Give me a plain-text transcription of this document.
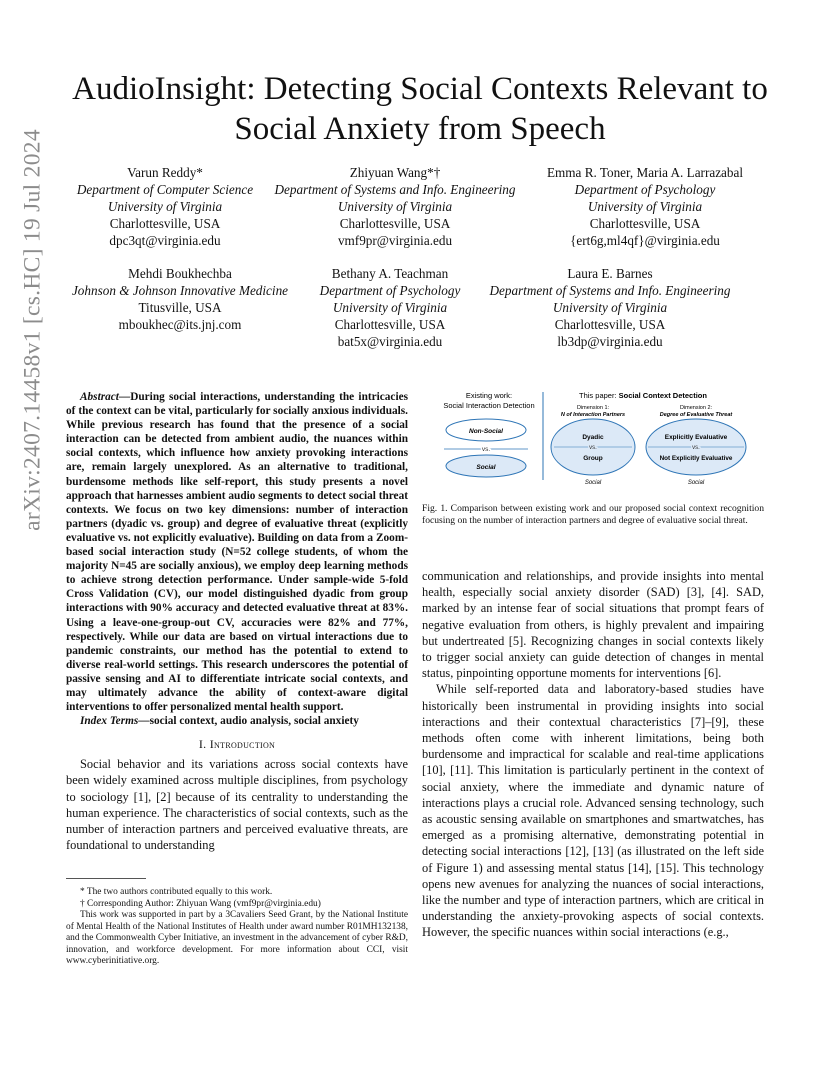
arXiv:2407.14458v1 [cs.HC] 19 Jul 2024
AudioInsight: Detecting Social Contexts Relevant to Social Anxiety from Speech
Varun Reddy*
Department of Computer Science
University of Virginia
Charlottesville, USA
dpc3qt@virginia.edu
Zhiyuan Wang*†
Department of Systems and Info. Engineering
University of Virginia
Charlottesville, USA
vmf9pr@virginia.edu
Emma R. Toner, Maria A. Larrazabal
Department of Psychology
University of Virginia
Charlottesville, USA
{ert6g,ml4qf}@virginia.edu
Mehdi Boukhechba
Johnson & Johnson Innovative Medicine
Titusville, USA
mboukhec@its.jnj.com
Bethany A. Teachman
Department of Psychology
University of Virginia
Charlottesville, USA
bat5x@virginia.edu
Laura E. Barnes
Department of Systems and Info. Engineering
University of Virginia
Charlottesville, USA
lb3dp@virginia.edu

Abstract—During social interactions, understanding the intricacies of the context can be vital, particularly for socially anxious individuals. While previous research has found that the presence of a social interaction can be detected from ambient audio, the nuances within social contexts, which influence how anxiety provoking interactions are, remain largely unexplored. As an alternative to traditional, burdensome methods like self-report, this study presents a novel approach that harnesses ambient audio segments to detect social threat contexts. We focus on two key dimensions: number of interaction partners (dyadic vs. group) and degree of evaluative threat (explicitly evaluative vs. not explicitly evaluative). Building on data from a Zoom-based social interaction study (N=52 college students, of whom the majority N=45 are socially anxious), we employ deep learning methods to achieve strong detection performance. Under sample-wide 5-fold Cross Validation (CV), our model distinguished dyadic from group interactions with 90% accuracy and detected evaluative threat at 83%. Using a leave-one-group-out CV, accuracies were 82% and 77%, respectively. While our data are based on virtual interactions due to pandemic constraints, our method has the potential to extend to diverse real-world settings. This research underscores the potential of passive sensing and AI to differentiate intricate social contexts, and may ultimately advance the ability of context-aware digital interventions to offer personalized mental health support.

Index Terms—social context, audio analysis, social anxiety

I. Introduction

Social behavior and its variations across social contexts have been widely examined across multiple disciplines, from psychology to sociology [1], [2] because of its centrality to understanding the human experience. The characteristics of social contexts, such as the number of interaction partners and perceived evaluative threats, are foundational to understanding

* The two authors contributed equally to this work.

† Corresponding Author: Zhiyuan Wang (vmf9pr@virginia.edu)

This work was supported in part by a 3Cavaliers Seed Grant, by the National Institute of Mental Health of the National Institutes of Health under award number R01MH132138, and the Commonwealth Cyber Initiative, an investment in the advancement of cyber R&D, innovation, and workforce development. For more information about CCI, visit www.cyberinitiative.org.

Existing work:
Social Interaction Detection
Non-Social
vs.
Social
This paper: Social Context Detection
Dimension 1:
N of Interaction Partners
Dyadic
vs.
Group
Social
Dimension 2:
Degree of Evaluative Threat
Explicitly Evaluative
vs.
Not Explicitly Evaluative
Social
Fig. 1. Comparison between existing work and our proposed social context recognition focusing on the number of interaction partners and degree of evaluative social threat.

communication and relationships, and provide insights into mental health, especially social anxiety disorder (SAD) [3], [4]. SAD, marked by an intense fear of social situations that prompt fears of negative evaluation from others, is highly prevalent and impairing but undertreated [5]. Recognizing changes in social contexts likely to trigger social anxiety can guide detection of changes in mental status, pinpointing opportune moments for interventions [6].

While self-reported data and laboratory-based studies have historically been instrumental in providing insights into social interactions and their contextual characteristics [7]–[9], these methods often come with inherent limitations, being both burdensome and impractical for scalable and real-time applications [10], [11]. This limitation is particularly pertinent in the context of social anxiety, where the immediate and dynamic nature of interactions plays a crucial role. Advanced sensing technology, such as acoustic sensing available on smartphones and smartwatches, has emerged as a promising alternative, demonstrating potential in detecting social interactions [12], [13] (as illustrated on the left side of Figure 1) and assessing mental status [14], [15]. This technology opens new avenues for analyzing the nuances of social interactions, like the number and type of interaction partners, which are critical in understanding the anxiety-provoking aspects of social contexts. However, the specific nuances within social interactions (e.g.,
